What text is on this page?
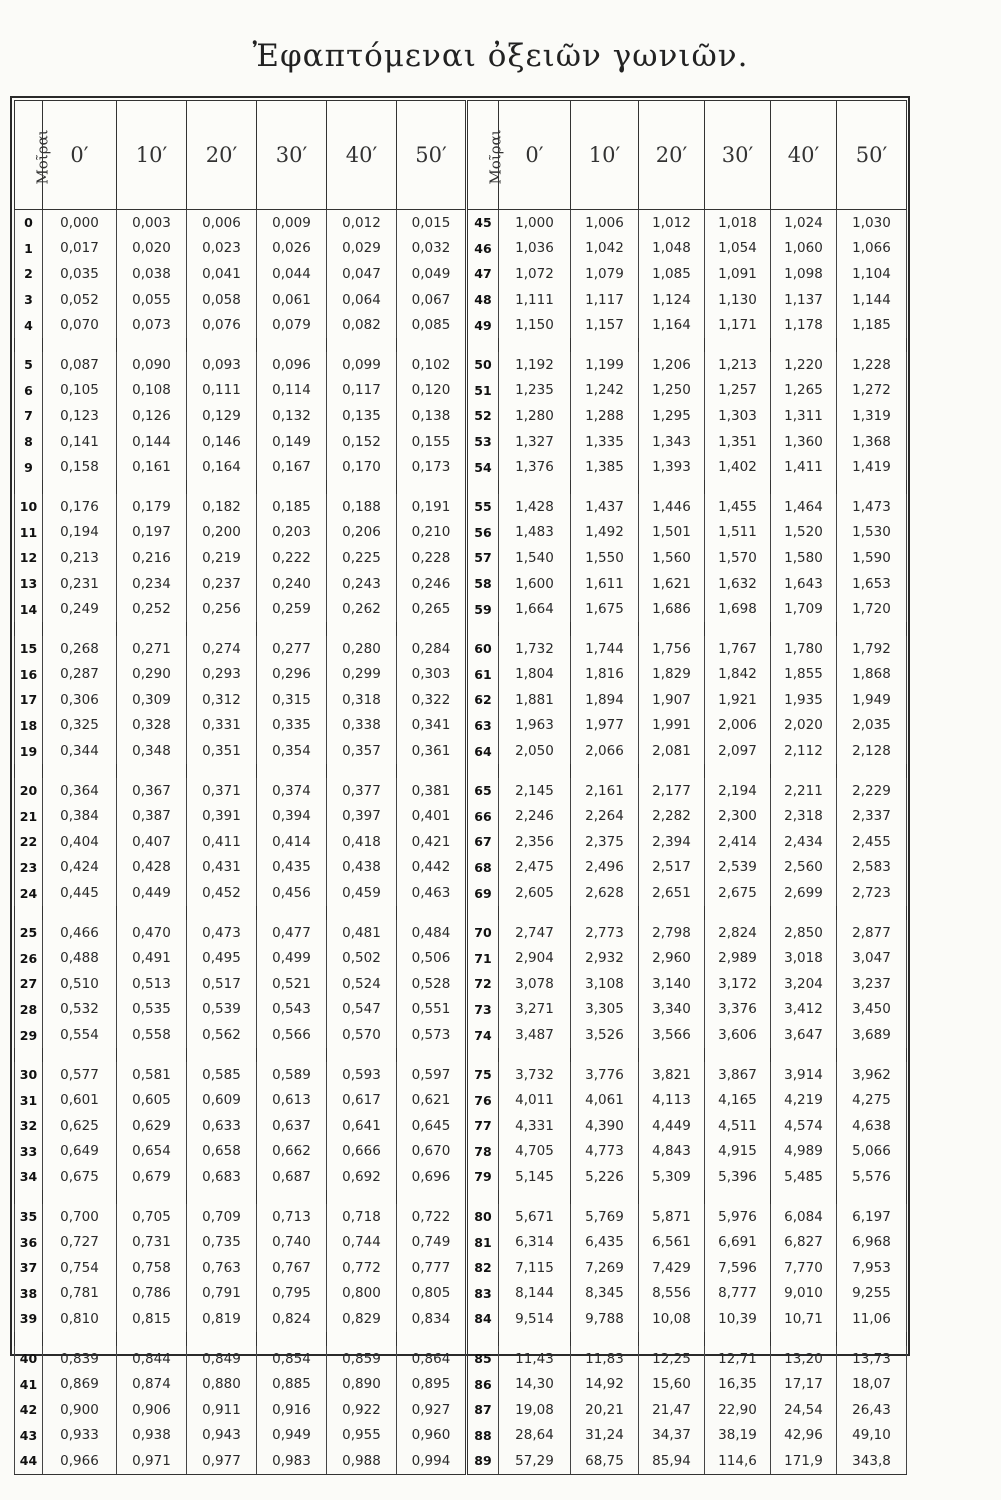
Ἐφαπτόμεναι ὀξειῶν γωνιῶν.
Μοῖραι	0′	10′	20′	30′	40′	50′	Μοῖραι	0′	10′	20′	30′	40′	50′
0	0,000	0,003	0,006	0,009	0,012	0,015	45	1,000	1,006	1,012	1,018	1,024	1,030
1	0,017	0,020	0,023	0,026	0,029	0,032	46	1,036	1,042	1,048	1,054	1,060	1,066
2	0,035	0,038	0,041	0,044	0,047	0,049	47	1,072	1,079	1,085	1,091	1,098	1,104
3	0,052	0,055	0,058	0,061	0,064	0,067	48	1,111	1,117	1,124	1,130	1,137	1,144
4	0,070	0,073	0,076	0,079	0,082	0,085	49	1,150	1,157	1,164	1,171	1,178	1,185

5	0,087	0,090	0,093	0,096	0,099	0,102	50	1,192	1,199	1,206	1,213	1,220	1,228
6	0,105	0,108	0,111	0,114	0,117	0,120	51	1,235	1,242	1,250	1,257	1,265	1,272
7	0,123	0,126	0,129	0,132	0,135	0,138	52	1,280	1,288	1,295	1,303	1,311	1,319
8	0,141	0,144	0,146	0,149	0,152	0,155	53	1,327	1,335	1,343	1,351	1,360	1,368
9	0,158	0,161	0,164	0,167	0,170	0,173	54	1,376	1,385	1,393	1,402	1,411	1,419

10	0,176	0,179	0,182	0,185	0,188	0,191	55	1,428	1,437	1,446	1,455	1,464	1,473
11	0,194	0,197	0,200	0,203	0,206	0,210	56	1,483	1,492	1,501	1,511	1,520	1,530
12	0,213	0,216	0,219	0,222	0,225	0,228	57	1,540	1,550	1,560	1,570	1,580	1,590
13	0,231	0,234	0,237	0,240	0,243	0,246	58	1,600	1,611	1,621	1,632	1,643	1,653
14	0,249	0,252	0,256	0,259	0,262	0,265	59	1,664	1,675	1,686	1,698	1,709	1,720

15	0,268	0,271	0,274	0,277	0,280	0,284	60	1,732	1,744	1,756	1,767	1,780	1,792
16	0,287	0,290	0,293	0,296	0,299	0,303	61	1,804	1,816	1,829	1,842	1,855	1,868
17	0,306	0,309	0,312	0,315	0,318	0,322	62	1,881	1,894	1,907	1,921	1,935	1,949
18	0,325	0,328	0,331	0,335	0,338	0,341	63	1,963	1,977	1,991	2,006	2,020	2,035
19	0,344	0,348	0,351	0,354	0,357	0,361	64	2,050	2,066	2,081	2,097	2,112	2,128

20	0,364	0,367	0,371	0,374	0,377	0,381	65	2,145	2,161	2,177	2,194	2,211	2,229
21	0,384	0,387	0,391	0,394	0,397	0,401	66	2,246	2,264	2,282	2,300	2,318	2,337
22	0,404	0,407	0,411	0,414	0,418	0,421	67	2,356	2,375	2,394	2,414	2,434	2,455
23	0,424	0,428	0,431	0,435	0,438	0,442	68	2,475	2,496	2,517	2,539	2,560	2,583
24	0,445	0,449	0,452	0,456	0,459	0,463	69	2,605	2,628	2,651	2,675	2,699	2,723

25	0,466	0,470	0,473	0,477	0,481	0,484	70	2,747	2,773	2,798	2,824	2,850	2,877
26	0,488	0,491	0,495	0,499	0,502	0,506	71	2,904	2,932	2,960	2,989	3,018	3,047
27	0,510	0,513	0,517	0,521	0,524	0,528	72	3,078	3,108	3,140	3,172	3,204	3,237
28	0,532	0,535	0,539	0,543	0,547	0,551	73	3,271	3,305	3,340	3,376	3,412	3,450
29	0,554	0,558	0,562	0,566	0,570	0,573	74	3,487	3,526	3,566	3,606	3,647	3,689

30	0,577	0,581	0,585	0,589	0,593	0,597	75	3,732	3,776	3,821	3,867	3,914	3,962
31	0,601	0,605	0,609	0,613	0,617	0,621	76	4,011	4,061	4,113	4,165	4,219	4,275
32	0,625	0,629	0,633	0,637	0,641	0,645	77	4,331	4,390	4,449	4,511	4,574	4,638
33	0,649	0,654	0,658	0,662	0,666	0,670	78	4,705	4,773	4,843	4,915	4,989	5,066
34	0,675	0,679	0,683	0,687	0,692	0,696	79	5,145	5,226	5,309	5,396	5,485	5,576

35	0,700	0,705	0,709	0,713	0,718	0,722	80	5,671	5,769	5,871	5,976	6,084	6,197
36	0,727	0,731	0,735	0,740	0,744	0,749	81	6,314	6,435	6,561	6,691	6,827	6,968
37	0,754	0,758	0,763	0,767	0,772	0,777	82	7,115	7,269	7,429	7,596	7,770	7,953
38	0,781	0,786	0,791	0,795	0,800	0,805	83	8,144	8,345	8,556	8,777	9,010	9,255
39	0,810	0,815	0,819	0,824	0,829	0,834	84	9,514	9,788	10,08	10,39	10,71	11,06

40	0,839	0,844	0,849	0,854	0,859	0,864	85	11,43	11,83	12,25	12,71	13,20	13,73
41	0,869	0,874	0,880	0,885	0,890	0,895	86	14,30	14,92	15,60	16,35	17,17	18,07
42	0,900	0,906	0,911	0,916	0,922	0,927	87	19,08	20,21	21,47	22,90	24,54	26,43
43	0,933	0,938	0,943	0,949	0,955	0,960	88	28,64	31,24	34,37	38,19	42,96	49,10
44	0,966	0,971	0,977	0,983	0,988	0,994	89	57,29	68,75	85,94	114,6	171,9	343,8
